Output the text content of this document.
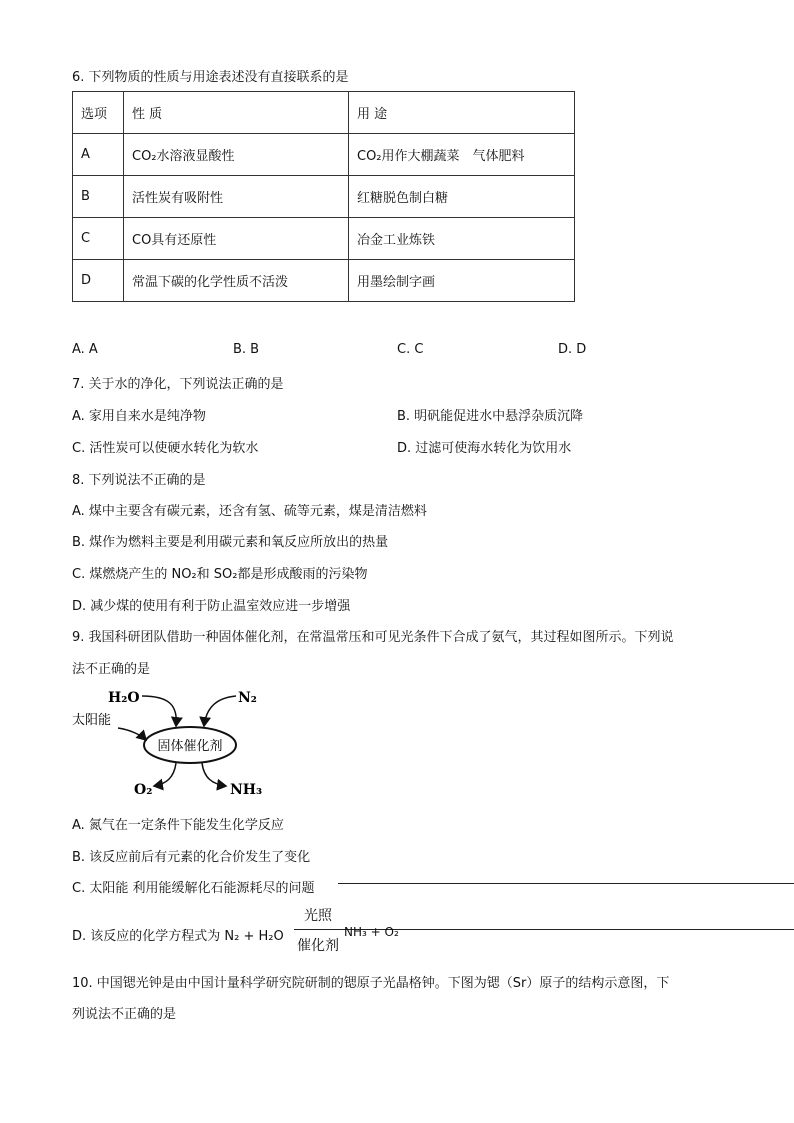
6. 下列物质的性质与用途表述没有直接联系的是
选项	性 质	用 途
A	CO₂水溶液显酸性	CO₂用作大棚蔬菜　气体肥料
B	活性炭有吸附性	红糖脱色制白糖
C	CO具有还原性	冶金工业炼铁
D	常温下碳的化学性质不活泼	用墨绘制字画
A. A	B. B	C. C	D. D
7. 关于水的净化，下列说法正确的是
A. 家用自来水是纯净物	B. 明矾能促进水中悬浮杂质沉降
C. 活性炭可以使硬水转化为软水	D. 过滤可使海水转化为饮用水
8. 下列说法不正确的是
A. 煤中主要含有碳元素，还含有氢、硫等元素，煤是清洁燃料
B. 煤作为燃料主要是利用碳元素和氧反应所放出的热量
C. 煤燃烧产生的 NO₂和 SO₂都是形成酸雨的污染物
D. 减少煤的使用有利于防止温室效应进一步增强
9. 我国科研团队借助一种固体催化剂，在常温常压和可见光条件下合成了氨气，其过程如图所示。下列说
法不正确的是
H₂O	N₂
太阳能
固体催化剂
O₂	NH₃
A. 氮气在一定条件下能发生化学反应
B. 该反应前后有元素的化合价发生了变化
C. 太阳能 利用能缓解化石能源耗尽的问题
D. 该反应的化学方程式为 N₂ + H₂O
光照
催化剂
NH₃ + O₂
10. 中国锶光钟是由中国计量科学研究院研制的锶原子光晶格钟。下图为锶（Sr）原子的结构示意图，下
列说法不正确的是
